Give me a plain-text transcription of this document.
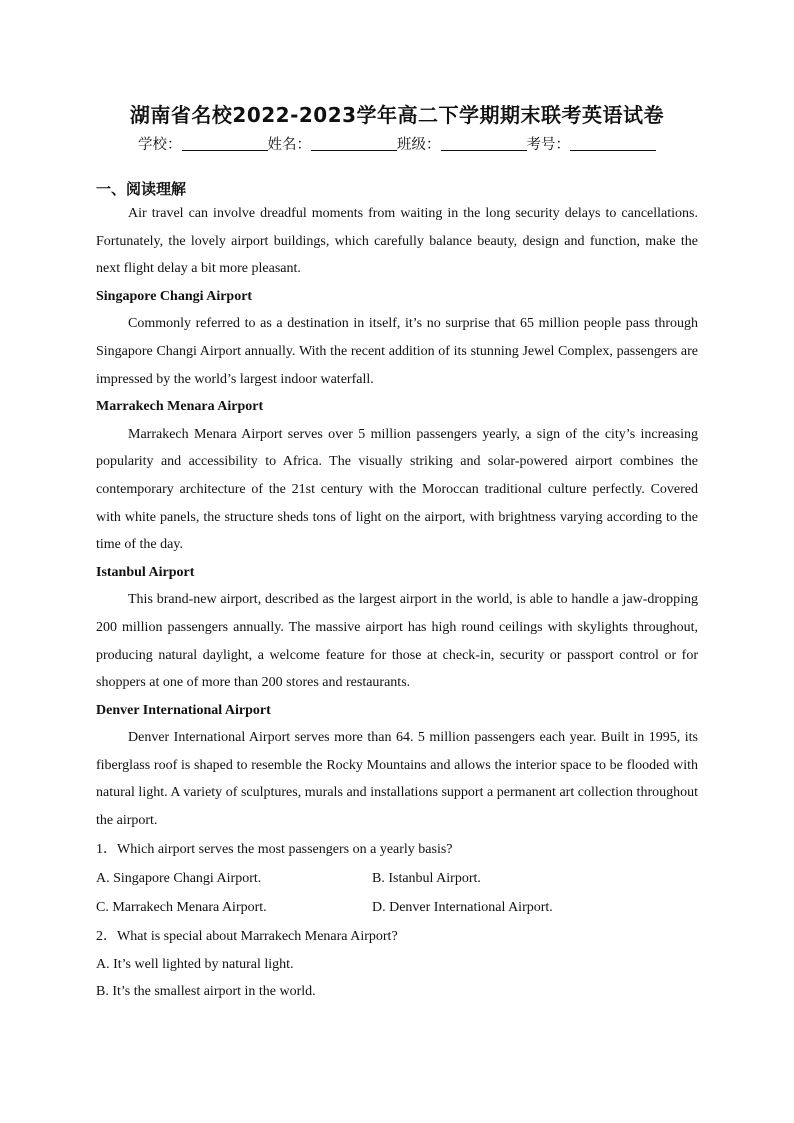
湖南省名校2022-2023学年高二下学期期末联考英语试卷
学校：	姓名：	班级：	考号：
一、阅读理解

Air travel can involve dreadful moments from waiting in the long security delays to cancellations. Fortunately, the lovely airport buildings, which carefully balance beauty, design and function, make the next flight delay a bit more pleasant.

Singapore Changi Airport

Commonly referred to as a destination in itself, it’s no surprise that 65 million people pass through Singapore Changi Airport annually. With the recent addition of its stunning Jewel Complex, passengers are impressed by the world’s largest indoor waterfall.

Marrakech Menara Airport

Marrakech Menara Airport serves over 5 million passengers yearly, a sign of the city’s increasing popularity and accessibility to Africa. The visually striking and solar-powered airport combines the contemporary architecture of the 21st century with the Moroccan traditional culture perfectly. Covered with white panels, the structure sheds tons of light on the airport, with brightness varying according to the time of the day.

Istanbul Airport

This brand-new airport, described as the largest airport in the world, is able to handle a jaw-dropping 200 million passengers annually. The massive airport has high round ceilings with skylights throughout, producing natural daylight, a welcome feature for those at check-in, security or passport control or for shoppers at one of more than 200 stores and restaurants.

Denver International Airport

Denver International Airport serves more than 64. 5 million passengers each year. Built in 1995, its fiberglass roof is shaped to resemble the Rocky Mountains and allows the interior space to be flooded with natural light. A variety of sculptures, murals and installations support a permanent art collection throughout the airport.

1．Which airport serves the most passengers on a yearly basis?

A. Singapore Changi Airport.	B. Istanbul Airport.
C. Marrakech Menara Airport.	D. Denver International Airport.

2．What is special about Marrakech Menara Airport?

A. It’s well lighted by natural light.

B. It’s the smallest airport in the world.
